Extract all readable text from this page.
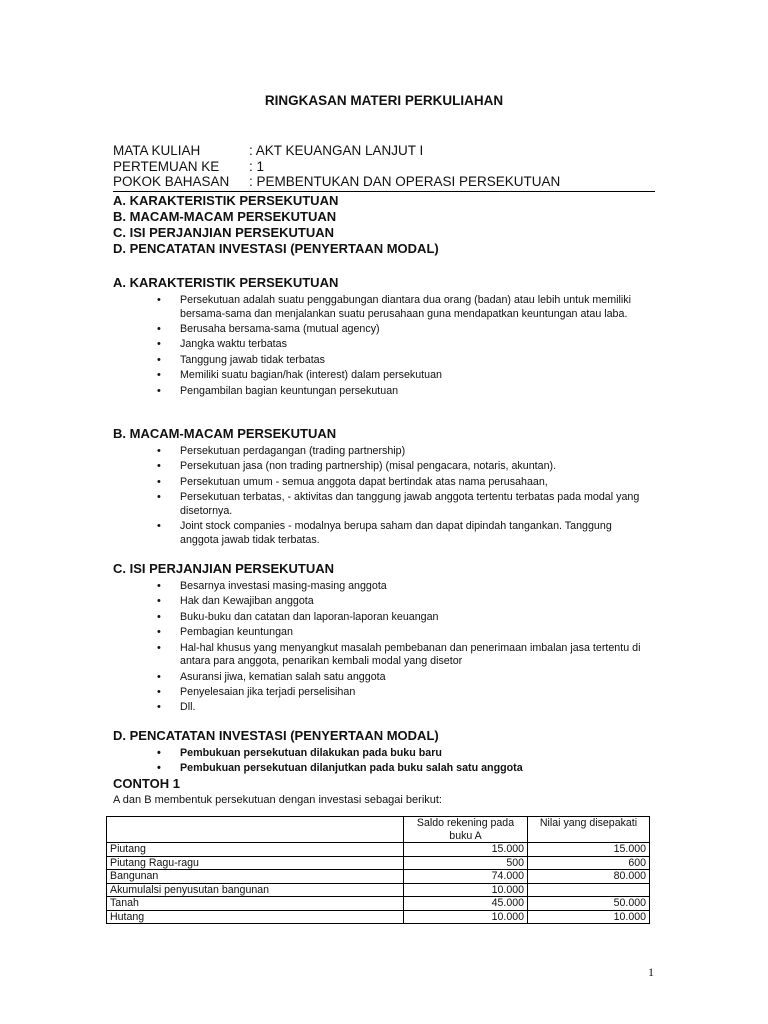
RINGKASAN MATERI PERKULIAHAN
MATA KULIAH	: AKT KEUANGAN LANJUT I
PERTEMUAN KE	: 1
POKOK BAHASAN	: PEMBENTUKAN DAN OPERASI PERSEKUTUAN
A. KARAKTERISTIK PERSEKUTUAN
B. MACAM-MACAM PERSEKUTUAN
C. ISI PERJANJIAN PERSEKUTUAN
D. PENCATATAN INVESTASI (PENYERTAAN MODAL)
A. KARAKTERISTIK PERSEKUTUAN
• Persekutuan adalah suatu penggabungan diantara dua orang (badan) atau lebih untuk memiliki bersama-sama dan menjalankan suatu perusahaan guna mendapatkan keuntungan atau laba.
• Berusaha bersama-sama (mutual agency)
• Jangka waktu terbatas
• Tanggung jawab tidak terbatas
• Memiliki suatu bagian/hak (interest) dalam persekutuan
• Pengambilan bagian keuntungan persekutuan
B. MACAM-MACAM PERSEKUTUAN
• Persekutuan perdagangan (trading partnership)
• Persekutuan jasa (non trading partnership) (misal pengacara, notaris, akuntan).
• Persekutuan umum - semua anggota dapat bertindak atas nama perusahaan,
• Persekutuan terbatas, - aktivitas dan tanggung jawab anggota tertentu terbatas pada modal yang disetornya.
• Joint stock companies - modalnya berupa saham dan dapat dipindah tangankan. Tanggung anggota jawab tidak terbatas.
C. ISI PERJANJIAN PERSEKUTUAN
• Besarnya investasi masing-masing anggota
• Hak dan Kewajiban anggota
• Buku-buku dan catatan dan laporan-laporan keuangan
• Pembagian keuntungan
• Hal-hal khusus yang menyangkut masalah pembebanan dan penerimaan imbalan jasa tertentu di antara para anggota, penarikan kembali modal yang disetor
• Asuransi jiwa, kematian salah satu anggota
• Penyelesaian jika terjadi perselisihan
• Dll.
D. PENCATATAN INVESTASI (PENYERTAAN MODAL)
• Pembukuan persekutuan dilakukan pada buku baru
• Pembukuan persekutuan dilanjutkan pada buku salah satu anggota
CONTOH 1
A dan B membentuk persekutuan dengan investasi sebagai berikut:
	Saldo rekening pada buku A	Nilai yang disepakati
Piutang	15.000	15.000
Piutang Ragu-ragu	500	600
Bangunan	74.000	80.000
Akumulalsi penyusutan bangunan	10.000	
Tanah	45.000	50.000
Hutang	10.000	10.000
1
